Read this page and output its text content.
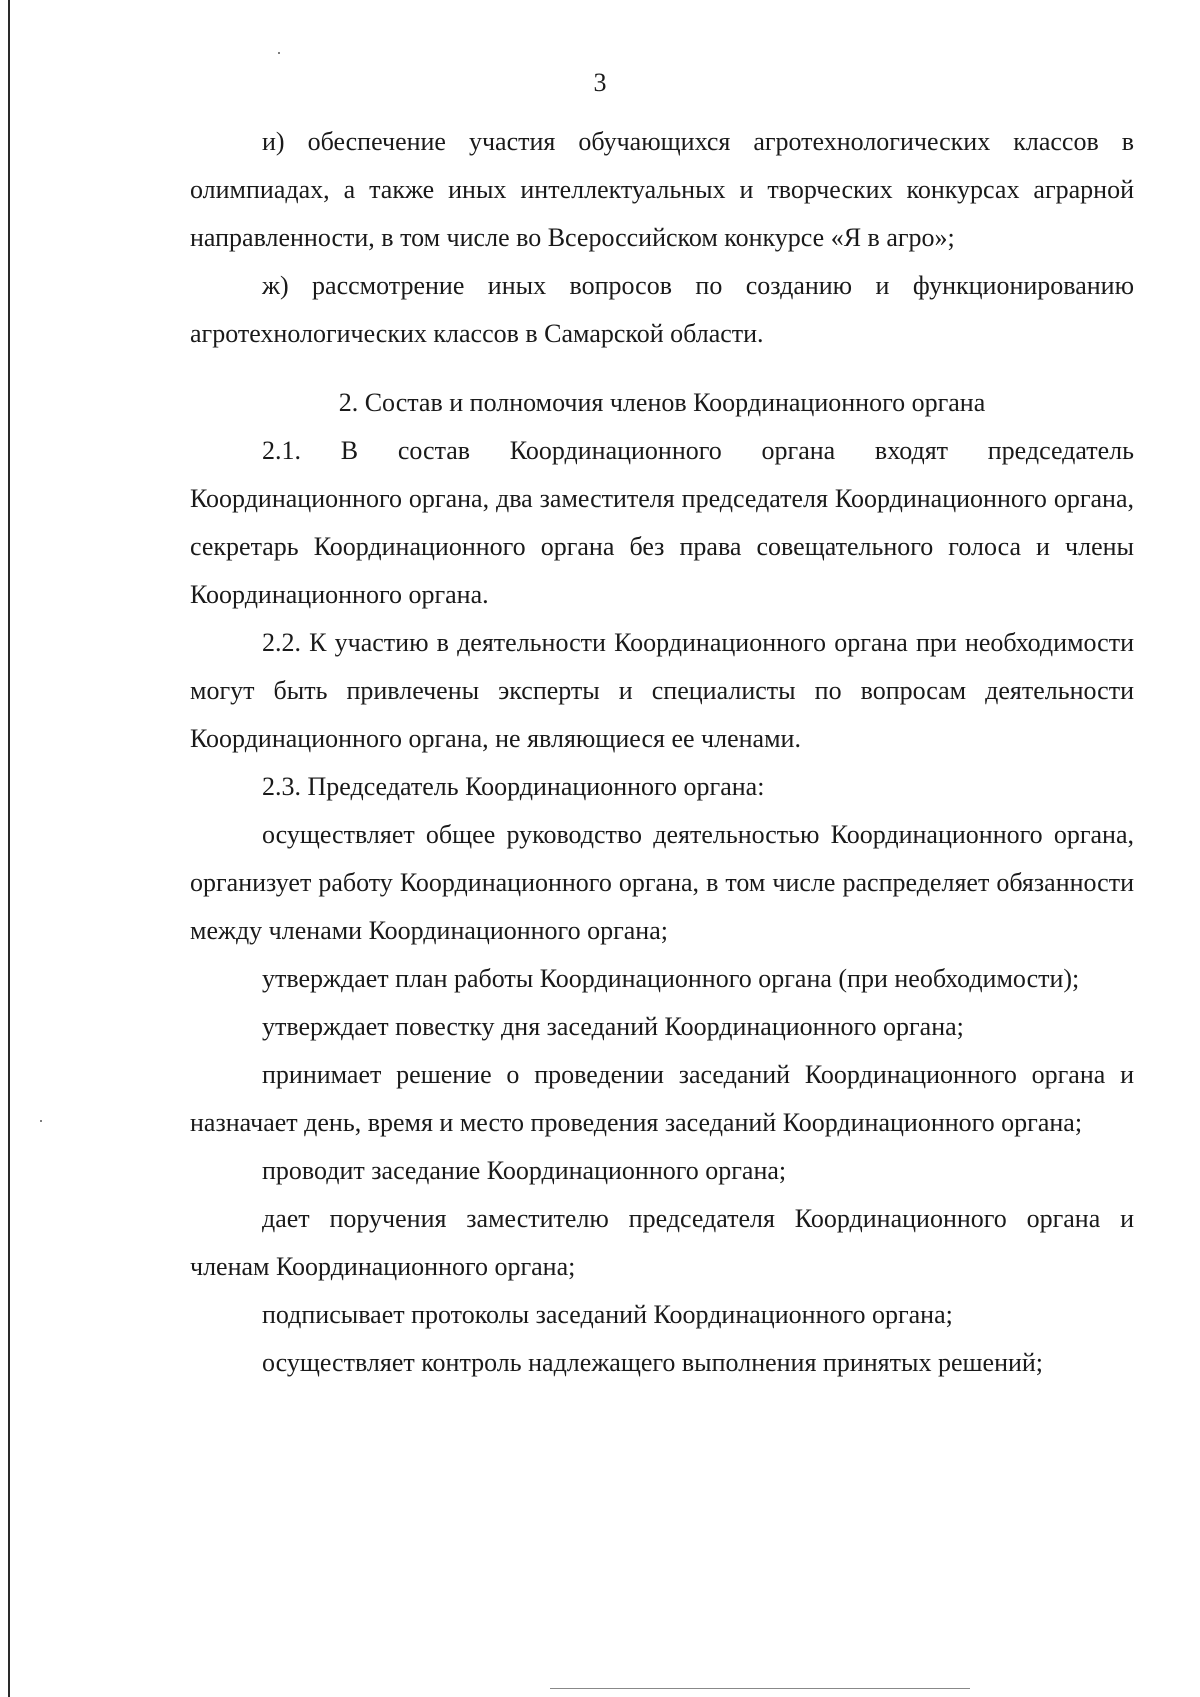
3

и) обеспечение участия обучающихся агротехнологических классов в олимпиадах, а также иных интеллектуальных и творческих конкурсах аграрной направленности, в том числе во Всероссийском конкурсе «Я в агро»;

ж) рассмотрение иных вопросов по созданию и функционированию агротехнологических классов в Самарской области.

2. Состав и полномочия членов Координационного органа

2.1. В состав Координационного органа входят председатель Координационного органа, два заместителя председателя Координационного органа, секретарь Координационного органа без права совещательного голоса и члены Координационного органа.

2.2. К участию в деятельности Координационного органа при необходимости могут быть привлечены эксперты и специалисты по вопросам деятельности Координационного органа, не являющиеся ее членами.

2.3. Председатель Координационного органа:

осуществляет общее руководство деятельностью Координационного органа, организует работу Координационного органа, в том числе распределяет обязанности между членами Координационного органа;

утверждает план работы Координационного органа (при необходимости);

утверждает повестку дня заседаний Координационного органа;

принимает решение о проведении заседаний Координационного органа и назначает день, время и место проведения заседаний Координационного органа;

проводит заседание Координационного органа;

дает поручения заместителю председателя Координационного органа и членам Координационного органа;

подписывает протоколы заседаний Координационного органа;

осуществляет контроль надлежащего выполнения принятых решений;
